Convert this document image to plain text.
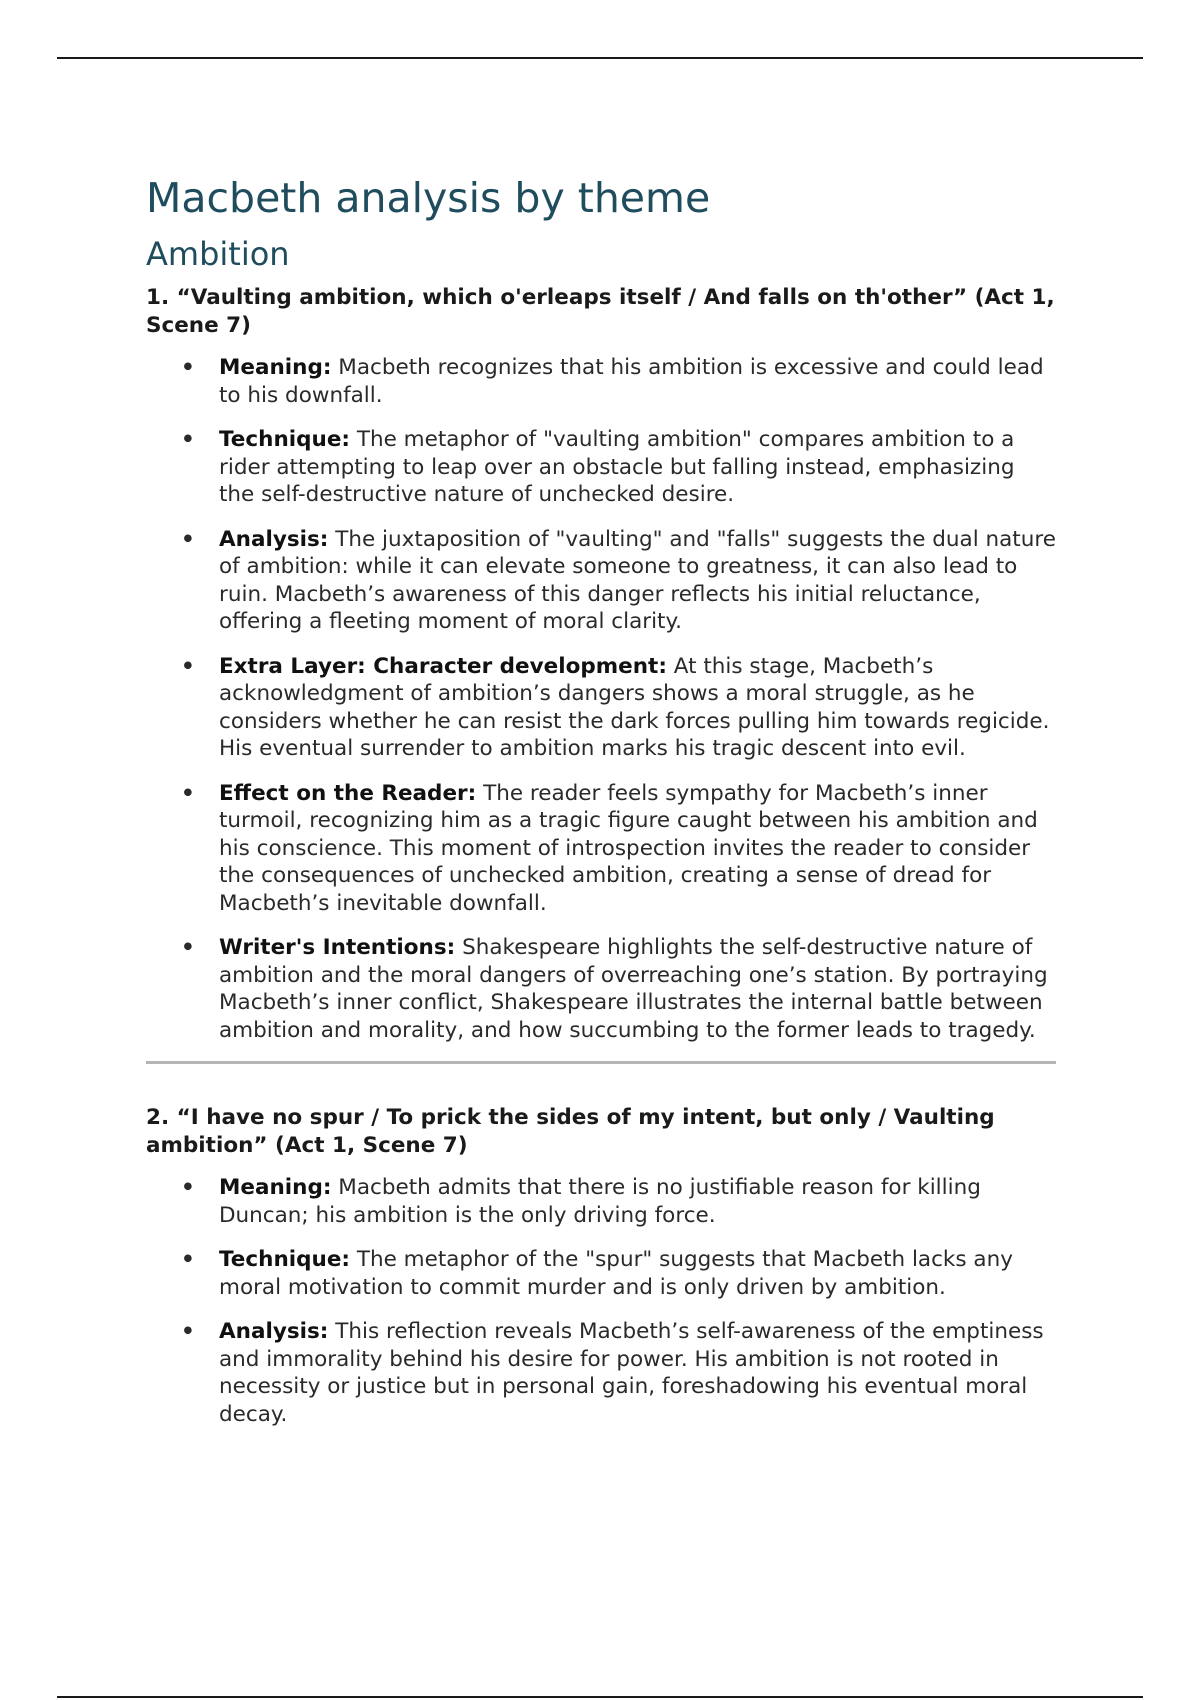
Macbeth analysis by theme
Ambition

1. “Vaulting ambition, which o'erleaps itself / And falls on th'other” (Act 1, Scene 7)

• Meaning: Macbeth recognizes that his ambition is excessive and could lead to his downfall.
• Technique: The metaphor of "vaulting ambition" compares ambition to a rider attempting to leap over an obstacle but falling instead, emphasizing the self-destructive nature of unchecked desire.
• Analysis: The juxtaposition of "vaulting" and "falls" suggests the dual nature of ambition: while it can elevate someone to greatness, it can also lead to ruin. Macbeth’s awareness of this danger reflects his initial reluctance, offering a fleeting moment of moral clarity.
• Extra Layer: Character development: At this stage, Macbeth’s acknowledgment of ambition’s dangers shows a moral struggle, as he considers whether he can resist the dark forces pulling him towards regicide. His eventual surrender to ambition marks his tragic descent into evil.
• Effect on the Reader: The reader feels sympathy for Macbeth’s inner turmoil, recognizing him as a tragic figure caught between his ambition and his conscience. This moment of introspection invites the reader to consider the consequences of unchecked ambition, creating a sense of dread for Macbeth’s inevitable downfall.
• Writer's Intentions: Shakespeare highlights the self-destructive nature of ambition and the moral dangers of overreaching one’s station. By portraying Macbeth’s inner conflict, Shakespeare illustrates the internal battle between ambition and morality, and how succumbing to the former leads to tragedy.

2. “I have no spur / To prick the sides of my intent, but only / Vaulting ambition” (Act 1, Scene 7)

• Meaning: Macbeth admits that there is no justifiable reason for killing Duncan; his ambition is the only driving force.
• Technique: The metaphor of the "spur" suggests that Macbeth lacks any moral motivation to commit murder and is only driven by ambition.
• Analysis: This reflection reveals Macbeth’s self-awareness of the emptiness and immorality behind his desire for power. His ambition is not rooted in necessity or justice but in personal gain, foreshadowing his eventual moral decay.
